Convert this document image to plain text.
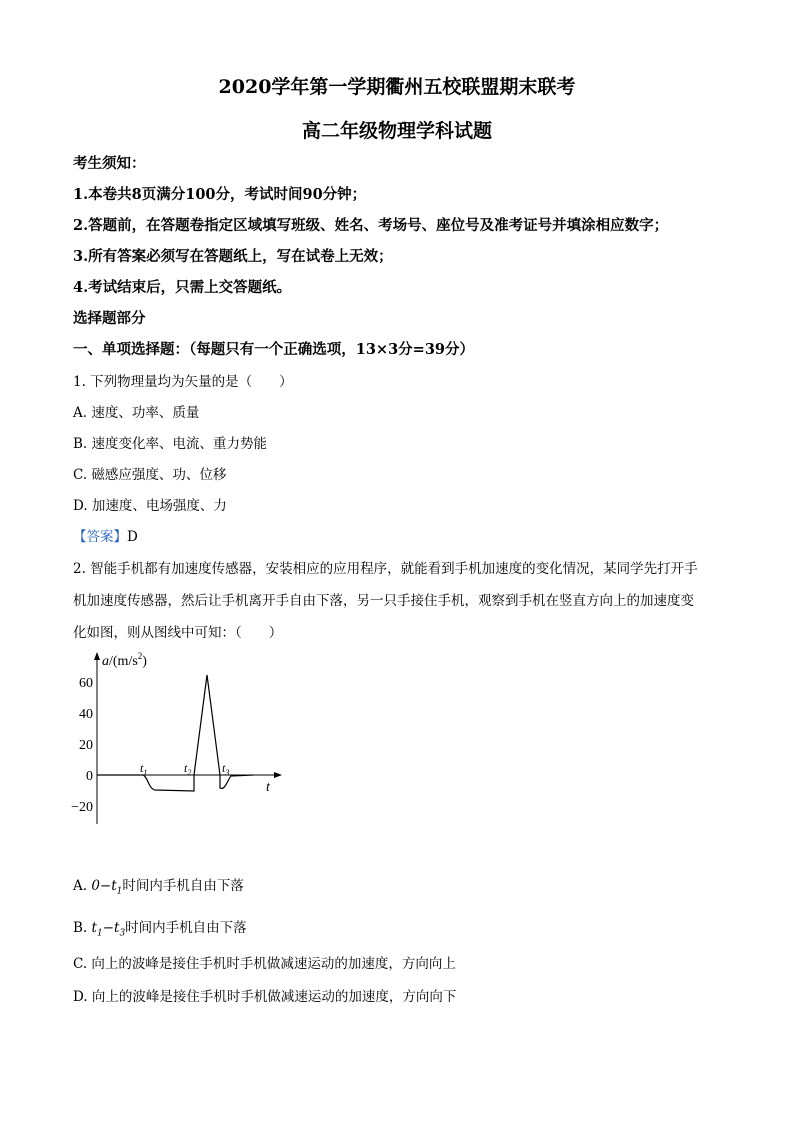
2020学年第一学期衢州五校联盟期末联考
高二年级物理学科试题
考生须知：
1.本卷共8页满分100分，考试时间90分钟；
2.答题前，在答题卷指定区域填写班级、姓名、考场号、座位号及准考证号并填涂相应数字；
3.所有答案必须写在答题纸上，写在试卷上无效；
4.考试结束后，只需上交答题纸。
选择题部分
一、单项选择题：（每题只有一个正确选项，13×3分=39分）
1. 下列物理量均为矢量的是（　　）
A. 速度、功率、质量
B. 速度变化率、电流、重力势能
C. 磁感应强度、功、位移
D. 加速度、电场强度、力
【答案】D
2. 智能手机都有加速度传感器，安装相应的应用程序，就能看到手机加速度的变化情况，某同学先打开手
机加速度传感器，然后让手机离开手自由下落，另一只手接住手机，观察到手机在竖直方向上的加速度变
化如图，则从图线中可知：（　　）
$a/(m/s^2)$
60
40
20
0
−20
$t_1$	$t_2$	$t_3$
t
A. $0-t_1$时间内手机自由下落
B. $t_1-t_3$时间内手机自由下落
C. 向上的波峰是接住手机时手机做减速运动的加速度，方向向上
D. 向上的波峰是接住手机时手机做减速运动的加速度，方向向下
